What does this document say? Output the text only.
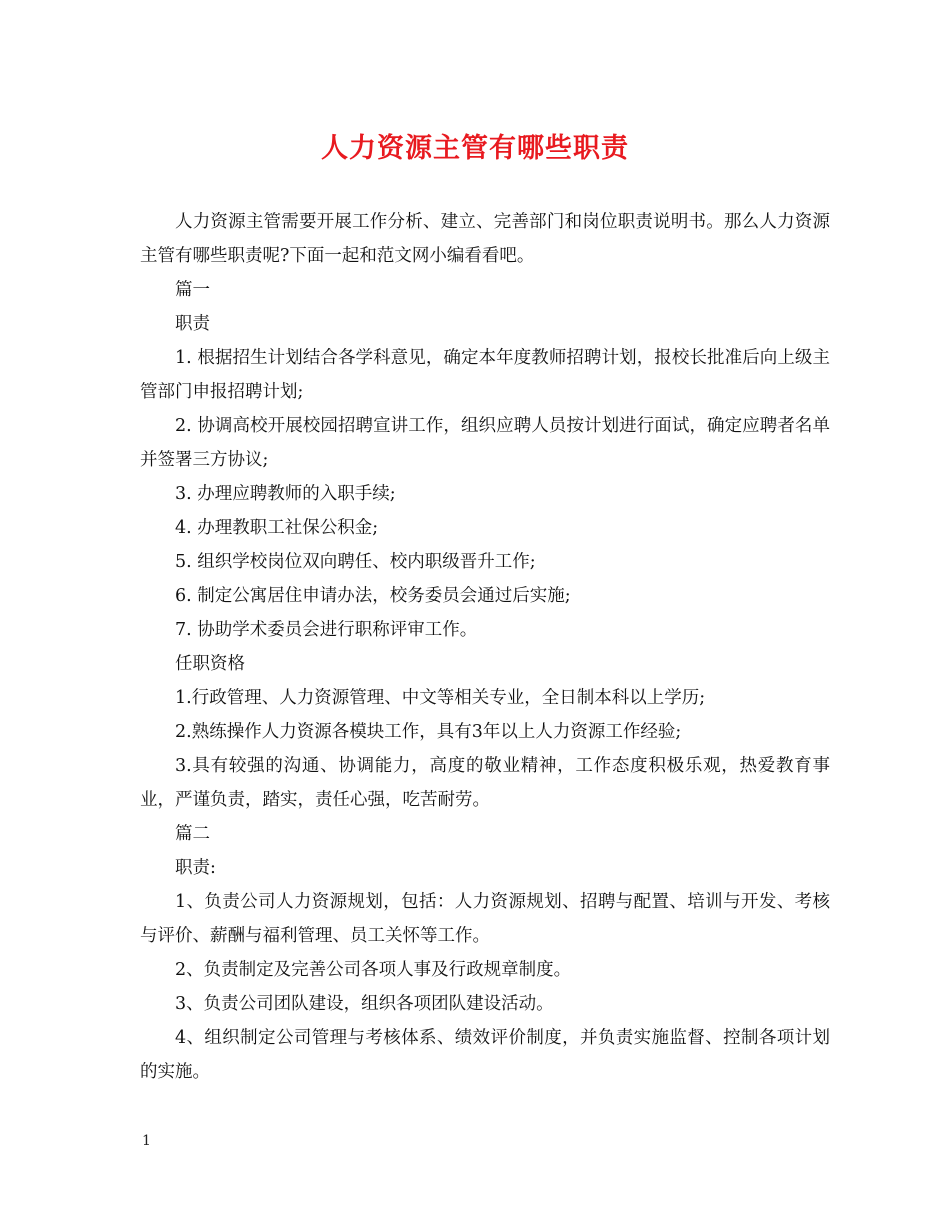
人力资源主管有哪些职责

人力资源主管需要开展工作分析、建立、完善部门和岗位职责说明书。那么人力资源主管有哪些职责呢?下面一起和范文网小编看看吧。

篇一

职责

1. 根据招生计划结合各学科意见，确定本年度教师招聘计划，报校长批准后向上级主管部门申报招聘计划;

2. 协调高校开展校园招聘宣讲工作，组织应聘人员按计划进行面试，确定应聘者名单并签署三方协议;

3. 办理应聘教师的入职手续;

4. 办理教职工社保公积金;

5. 组织学校岗位双向聘任、校内职级晋升工作;

6. 制定公寓居住申请办法，校务委员会通过后实施;

7. 协助学术委员会进行职称评审工作。

任职资格

1.行政管理、人力资源管理、中文等相关专业，全日制本科以上学历;

2.熟练操作人力资源各模块工作，具有3年以上人力资源工作经验;

3.具有较强的沟通、协调能力，高度的敬业精神，工作态度积极乐观，热爱教育事业，严谨负责，踏实，责任心强，吃苦耐劳。

篇二

职责:

1、负责公司人力资源规划，包括：人力资源规划、招聘与配置、培训与开发、考核与评价、薪酬与福利管理、员工关怀等工作。

2、负责制定及完善公司各项人事及行政规章制度。

3、负责公司团队建设，组织各项团队建设活动。

4、组织制定公司管理与考核体系、绩效评价制度，并负责实施监督、控制各项计划的实施。

1
